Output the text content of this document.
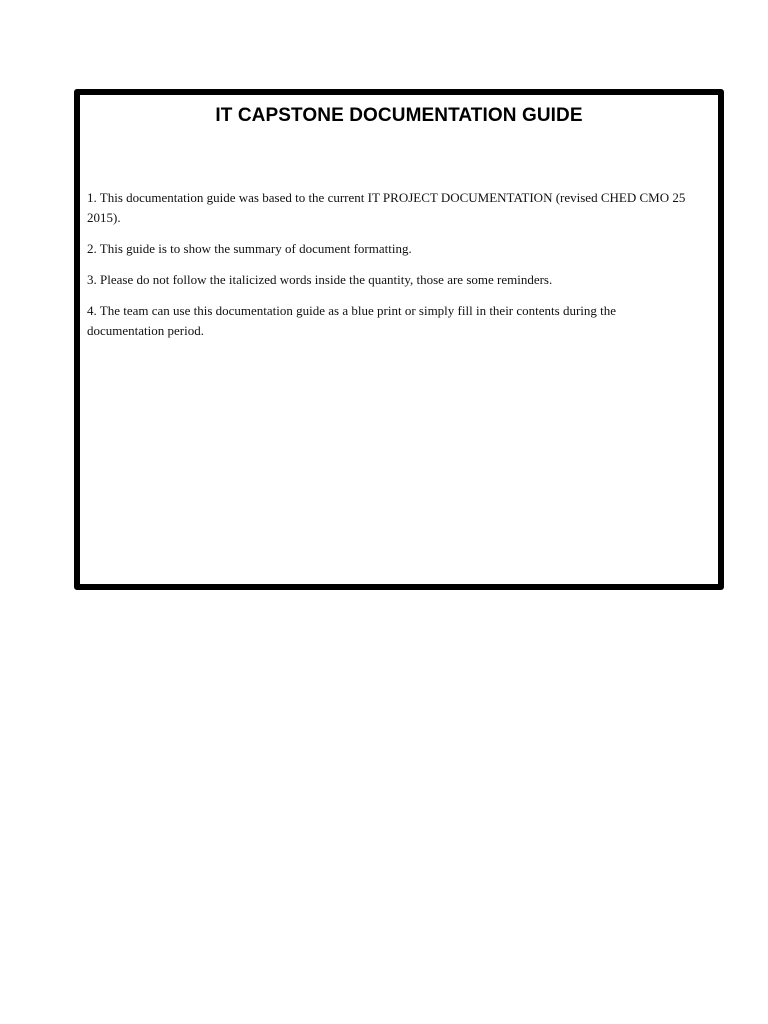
IT CAPSTONE DOCUMENTATION GUIDE
1. This documentation guide was based to the current IT PROJECT DOCUMENTATION (revised CHED CMO 25 2015).
2. This guide is to show the summary of document formatting.
3. Please do not follow the italicized words inside the quantity, those are some reminders.
4. The team can use this documentation guide as a blue print or simply fill in their contents during the documentation period.
